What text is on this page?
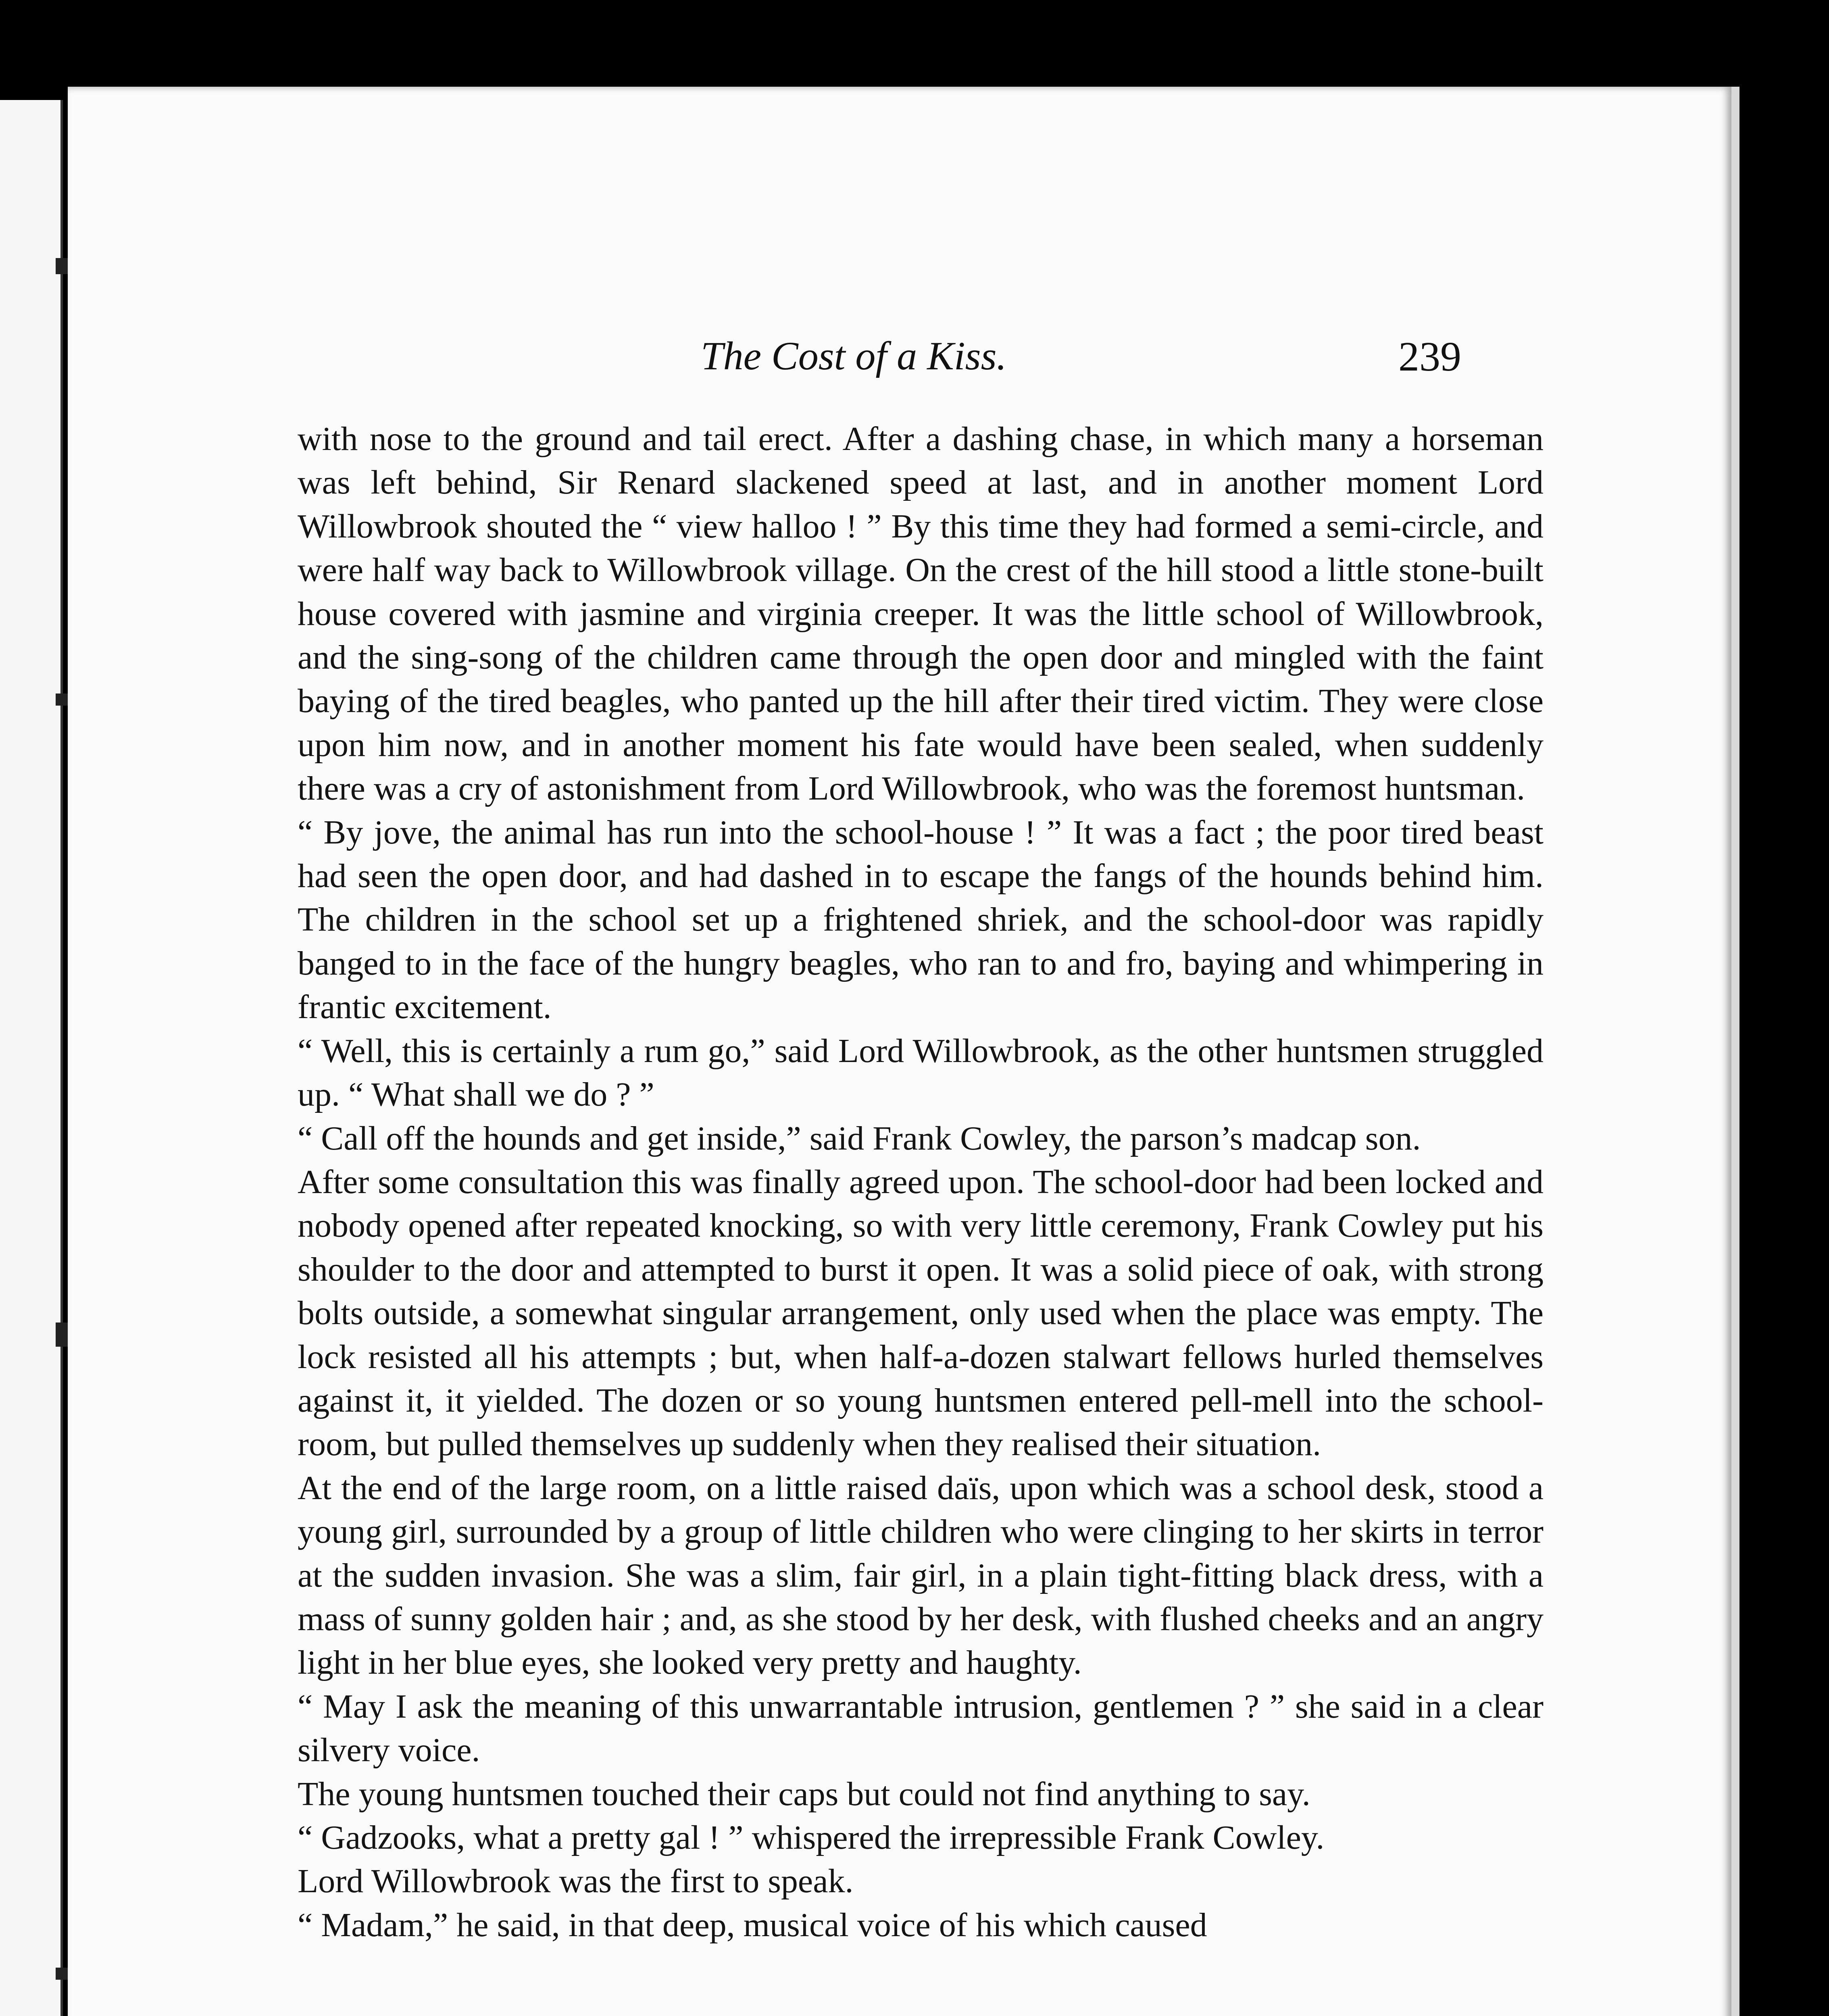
The Cost of a Kiss.	239

with nose to the ground and tail erect. After a dashing chase, in which many a horseman was left behind, Sir Renard slackened speed at last, and in another moment Lord Willowbrook shouted the “ view halloo ! ” By this time they had formed a semi-circle, and were half way back to Willowbrook village. On the crest of the hill stood a little stone-built house covered with jasmine and virginia creeper. It was the little school of Willowbrook, and the sing-song of the children came through the open door and mingled with the faint baying of the tired beagles, who panted up the hill after their tired victim. They were close upon him now, and in another moment his fate would have been sealed, when suddenly there was a cry of astonishment from Lord Willowbrook, who was the foremost huntsman.

“ By jove, the animal has run into the school-house ! ” It was a fact ; the poor tired beast had seen the open door, and had dashed in to escape the fangs of the hounds behind him. The children in the school set up a frightened shriek, and the school-door was rapidly banged to in the face of the hungry beagles, who ran to and fro, baying and whimpering in frantic excitement.

“ Well, this is certainly a rum go,” said Lord Willowbrook, as the other huntsmen struggled up. “ What shall we do ? ”

“ Call off the hounds and get inside,” said Frank Cowley, the parson’s madcap son.

After some consultation this was finally agreed upon. The school-door had been locked and nobody opened after repeated knocking, so with very little ceremony, Frank Cowley put his shoulder to the door and attempted to burst it open. It was a solid piece of oak, with strong bolts outside, a somewhat singular arrangement, only used when the place was empty. The lock resisted all his attempts ; but, when half-a-dozen stalwart fellows hurled themselves against it, it yielded. The dozen or so young huntsmen entered pell-mell into the school-room, but pulled themselves up suddenly when they realised their situation.

At the end of the large room, on a little raised daïs, upon which was a school desk, stood a young girl, surrounded by a group of little children who were clinging to her skirts in terror at the sudden invasion. She was a slim, fair girl, in a plain tight-fitting black dress, with a mass of sunny golden hair ; and, as she stood by her desk, with flushed cheeks and an angry light in her blue eyes, she looked very pretty and haughty.

“ May I ask the meaning of this unwarrantable intrusion, gentlemen ? ” she said in a clear silvery voice.

The young huntsmen touched their caps but could not find anything to say.

“ Gadzooks, what a pretty gal ! ” whispered the irrepressible Frank Cowley.

Lord Willowbrook was the first to speak.

“ Madam,” he said, in that deep, musical voice of his which caused
